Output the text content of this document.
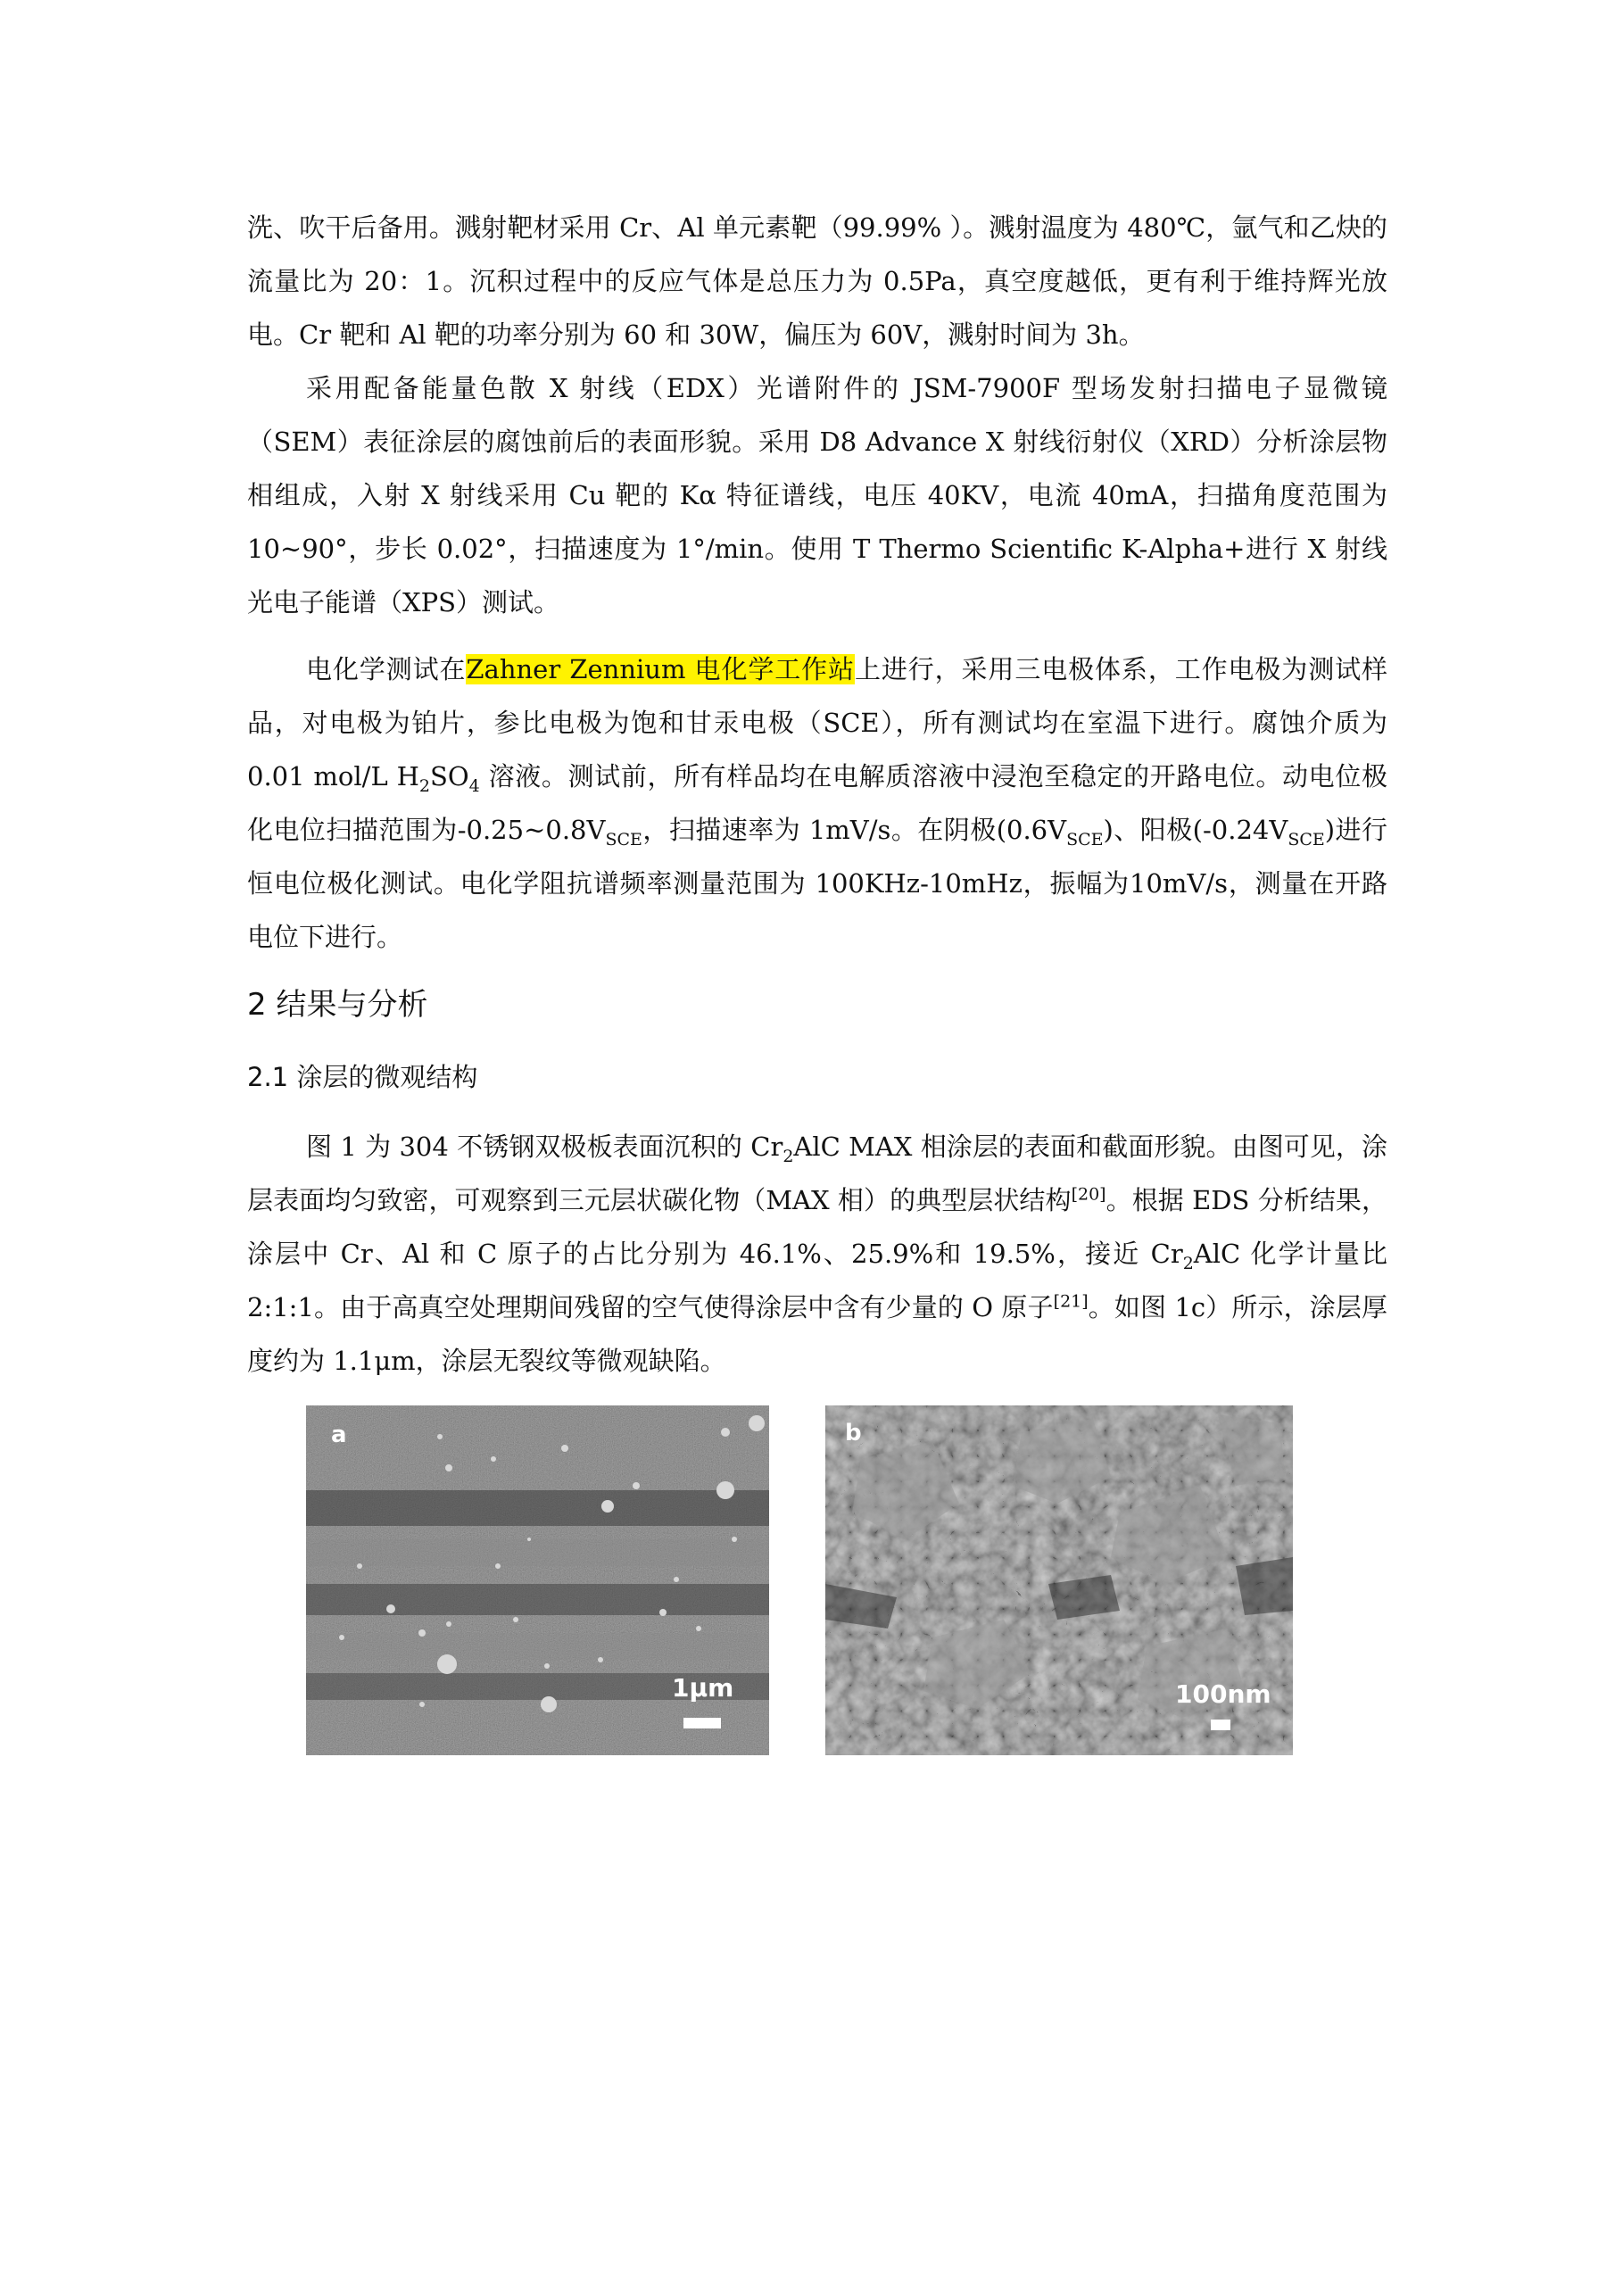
洗、吹干后备用。溅射靶材采用 Cr、Al 单元素靶（99.99% ）。溅射温度为 480℃，氩气和乙炔的流量比为 20：1。沉积过程中的反应气体是总压力为 0.5Pa，真空度越低，更有利于维持辉光放电。Cr 靶和 Al 靶的功率分别为 60 和 30W，偏压为 60V，溅射时间为 3h。

采用配备能量色散 X 射线（EDX）光谱附件的 JSM-7900F 型场发射扫描电子显微镜（SEM）表征涂层的腐蚀前后的表面形貌。采用 D8 Advance X 射线衍射仪（XRD）分析涂层物相组成，入射 X 射线采用 Cu 靶的 Kα 特征谱线，电压 40KV，电流 40mA，扫描角度范围为 10~90°，步长 0.02°，扫描速度为 1°/min。使用 T Thermo Scientific K-Alpha+进行 X 射线光电子能谱（XPS）测试。

电化学测试在Zahner Zennium 电化学工作站上进行，采用三电极体系，工作电极为测试样品，对电极为铂片，参比电极为饱和甘汞电极（SCE），所有测试均在室温下进行。腐蚀介质为 0.01 mol/L $H_2SO_4$ 溶液。测试前，所有样品均在电解质溶液中浸泡至稳定的开路电位。动电位极化电位扫描范围为$-0.25\sim 0.8V_{SCE}$，扫描速率为 1mV/s。在阴极$(0.6V_{SCE})$、阳极$(-0.24V_{SCE})$进行恒电位极化测试。电化学阻抗谱频率测量范围为 100KHz-10mHz，振幅为10mV/s，测量在开路电位下进行。

2 结果与分析
2.1 涂层的微观结构

图 1 为 304 不锈钢双极板表面沉积的 $Cr_2AlC$ MAX 相涂层的表面和截面形貌。由图可见，涂层表面均匀致密，可观察到三元层状碳化物（MAX 相）的典型层状结构[20]。根据 EDS 分析结果，涂层中 Cr、Al 和 C 原子的占比分别为 46.1%、25.9%和 19.5%，接近 $Cr_2AlC$ 化学计量比 2:1:1。由于高真空处理期间残留的空气使得涂层中含有少量的 O 原子[21]。如图 1c）所示，涂层厚度约为 1.1μm，涂层无裂纹等微观缺陷。

a
1μm
b
100nm
